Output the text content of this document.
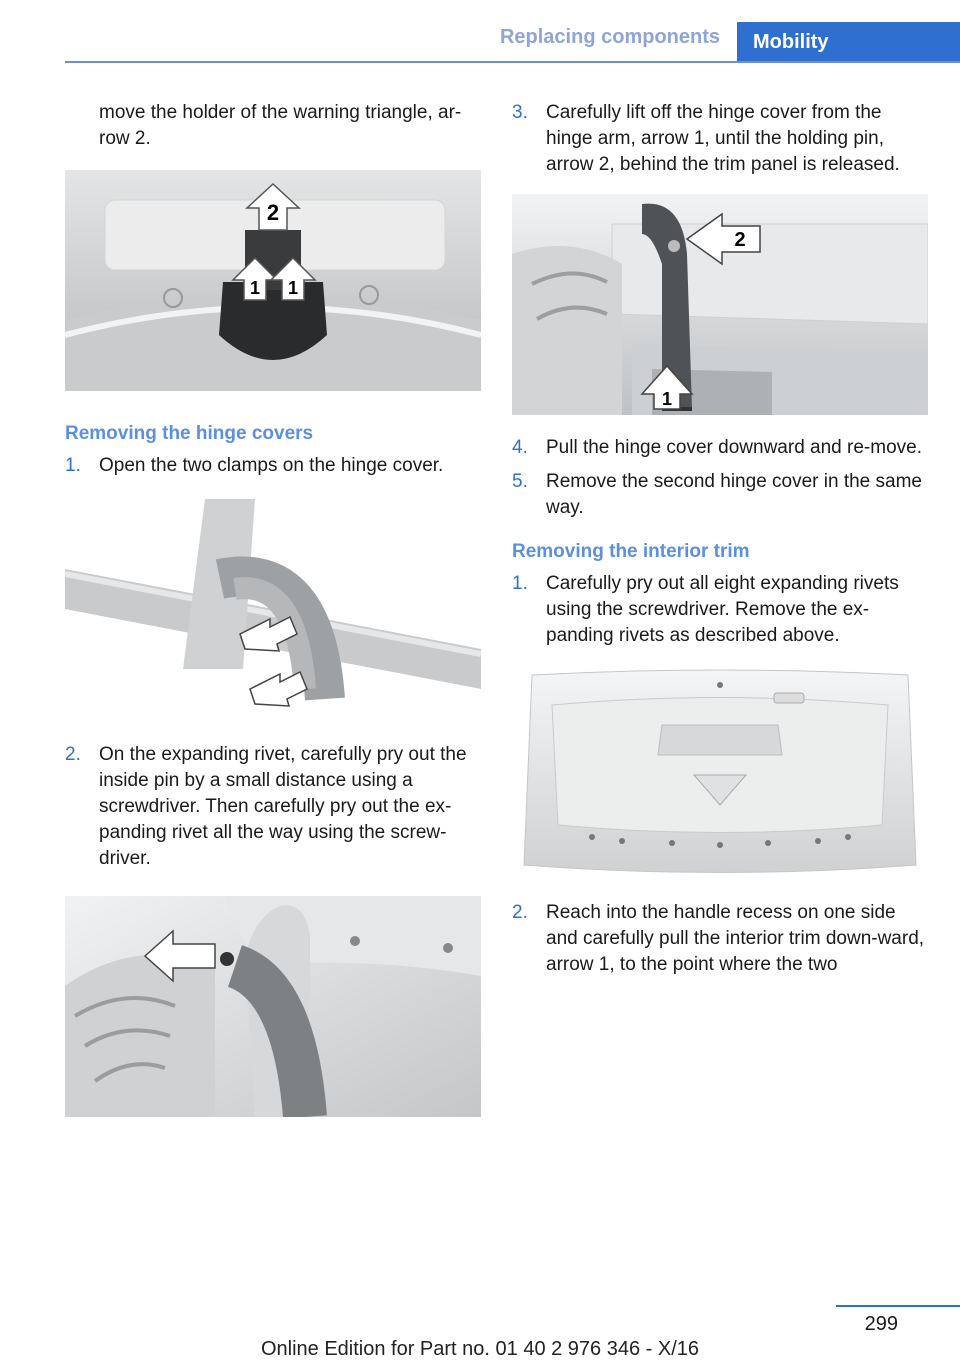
Replacing components	Mobility

move the holder of the warning triangle, ar-
row 2.

2
1 1

Removing the hinge covers

1. Open the two clamps on the hinge cover.
2. On the expanding rivet, carefully pry out the inside pin by a small distance using a screwdriver. Then carefully pry out the ex-panding rivet all the way using the screw-driver.
3. Carefully lift off the hinge cover from the hinge arm, arrow 1, until the holding pin, arrow 2, behind the trim panel is released.
2
1
4. Pull the hinge cover downward and re-move.
5. Remove the second hinge cover in the same way.

Removing the interior trim

1. Carefully pry out all eight expanding rivets using the screwdriver. Remove the ex-panding rivets as described above.
2. Reach into the handle recess on one side and carefully pull the interior trim down-ward, arrow 1, to the point where the two
299
Online Edition for Part no. 01 40 2 976 346 - X/16
